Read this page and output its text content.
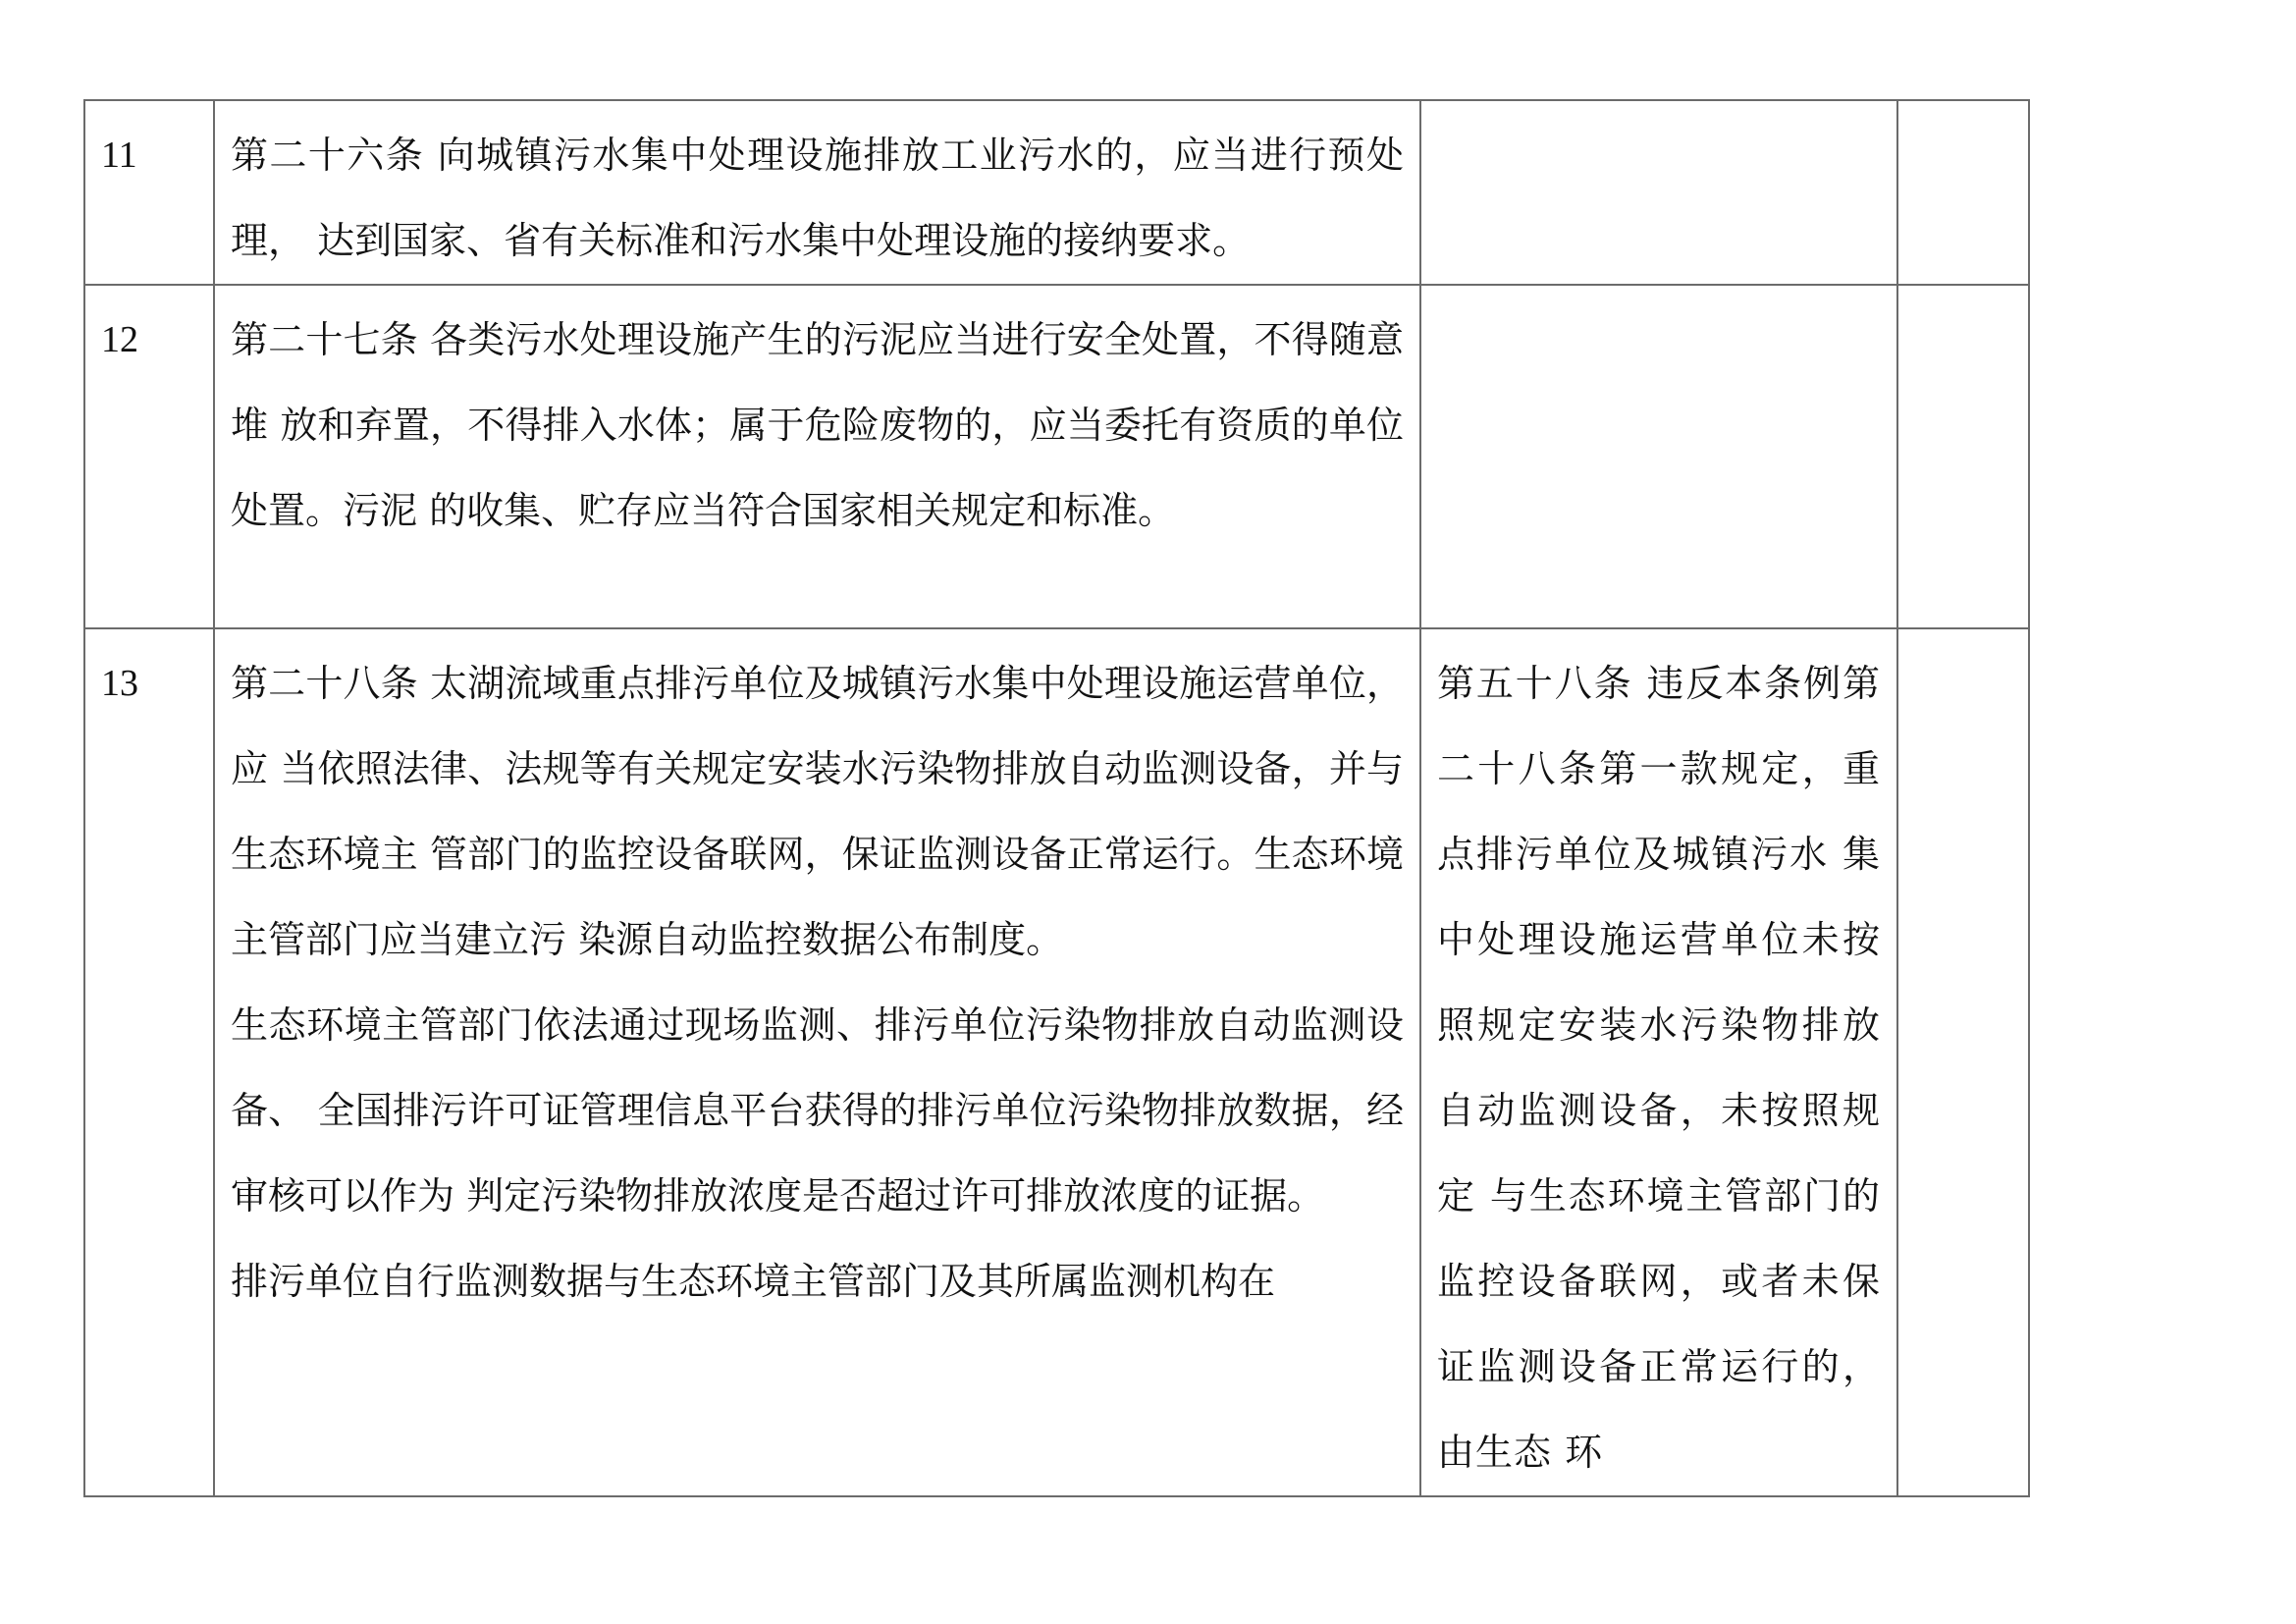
11	第二十六条 向城镇污水集中处理设施排放工业污水的，应当进行预处理， 达到国家、省有关标准和污水集中处理设施的接纳要求。		

12	第二十七条 各类污水处理设施产生的污泥应当进行安全处置，不得随意堆 放和弃置，不得排入水体；属于危险废物的，应当委托有资质的单位处置。污泥 的收集、贮存应当符合国家相关规定和标准。		

13	第二十八条 太湖流域重点排污单位及城镇污水集中处理设施运营单位，应 当依照法律、法规等有关规定安装水污染物排放自动监测设备，并与生态环境主 管部门的监控设备联网，保证监测设备正常运行。生态环境主管部门应当建立污 染源自动监控数据公布制度。
生态环境主管部门依法通过现场监测、排污单位污染物排放自动监测设备、 全国排污许可证管理信息平台获得的排污单位污染物排放数据，经审核可以作为 判定污染物排放浓度是否超过许可排放浓度的证据。
排污单位自行监测数据与生态环境主管部门及其所属监测机构在	第五十八条 违反本条例第二十八条第一款规定，重点排污单位及城镇污水 集中处理设施运营单位未按照规定安装水污染物排放自动监测设备，未按照规定 与生态环境主管部门的监控设备联网，或者未保证监测设备正常运行的，由生态 环	
